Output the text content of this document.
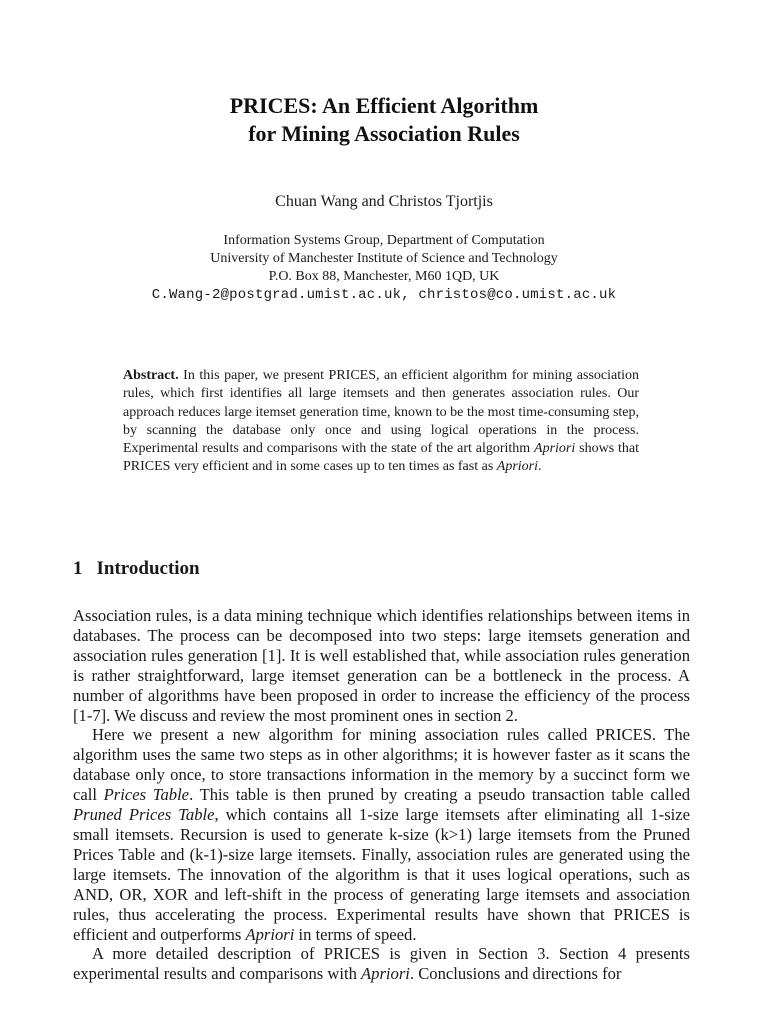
PRICES: An Efficient Algorithm
for Mining Association Rules
Chuan Wang and Christos Tjortjis
Information Systems Group, Department of Computation
University of Manchester Institute of Science and Technology
P.O. Box 88, Manchester, M60 1QD, UK
C.Wang-2@postgrad.umist.ac.uk, christos@co.umist.ac.uk
Abstract. In this paper, we present PRICES, an efficient algorithm for mining association rules, which first identifies all large itemsets and then generates association rules. Our approach reduces large itemset generation time, known to be the most time-consuming step, by scanning the database only once and using logical operations in the process. Experimental results and comparisons with the state of the art algorithm Apriori shows that PRICES very efficient and in some cases up to ten times as fast as Apriori.
1 Introduction

Association rules, is a data mining technique which identifies relationships between items in databases. The process can be decomposed into two steps: large itemsets generation and association rules generation [1]. It is well established that, while association rules generation is rather straightforward, large itemset generation can be a bottleneck in the process. A number of algorithms have been proposed in order to increase the efficiency of the process [1-7]. We discuss and review the most prominent ones in section 2.

Here we present a new algorithm for mining association rules called PRICES. The algorithm uses the same two steps as in other algorithms; it is however faster as it scans the database only once, to store transactions information in the memory by a succinct form we call Prices Table. This table is then pruned by creating a pseudo transaction table called Pruned Prices Table, which contains all 1-size large itemsets after eliminating all 1-size small itemsets. Recursion is used to generate k-size (k>1) large itemsets from the Pruned Prices Table and (k-1)-size large itemsets. Finally, association rules are generated using the large itemsets. The innovation of the algorithm is that it uses logical operations, such as AND, OR, XOR and left-shift in the process of generating large itemsets and association rules, thus accelerating the process. Experimental results have shown that PRICES is efficient and outperforms Apriori in terms of speed.

A more detailed description of PRICES is given in Section 3. Section 4 presents experimental results and comparisons with Apriori. Conclusions and directions for
